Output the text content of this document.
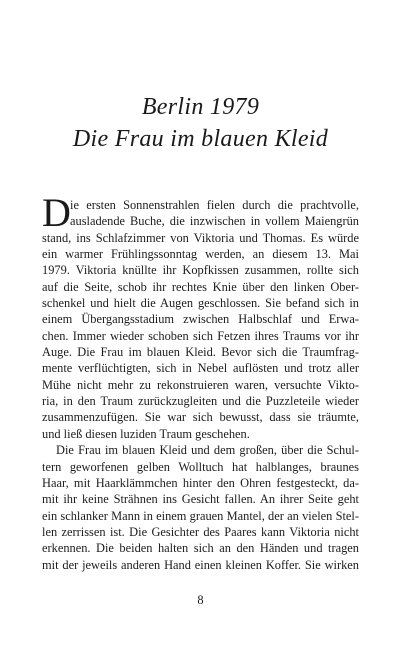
Berlin 1979
Die Frau im blauen Kleid
D ie ersten Sonnenstrahlen fielen durch die prachtvolle,
ausladende Buche, die inzwischen in vollem Maiengrün
stand, ins Schlafzimmer von Viktoria und Thomas. Es würde
ein warmer Frühlingssonntag werden, an diesem 13. Mai
1979. Viktoria knüllte ihr Kopfkissen zusammen, rollte sich
auf die Seite, schob ihr rechtes Knie über den linken Ober-
schenkel und hielt die Augen geschlossen. Sie befand sich in
einem Übergangsstadium zwischen Halbschlaf und Erwa-
chen. Immer wieder schoben sich Fetzen ihres Traums vor ihr
Auge. Die Frau im blauen Kleid. Bevor sich die Traumfrag-
mente verflüchtigten, sich in Nebel auflösten und trotz aller
Mühe nicht mehr zu rekonstruieren waren, versuchte Vikto-
ria, in den Traum zurückzugleiten und die Puzzleteile wieder
zusammenzufügen. Sie war sich bewusst, dass sie träumte,
und ließ diesen luziden Traum geschehen.
Die Frau im blauen Kleid und dem großen, über die Schul-
tern geworfenen gelben Wolltuch hat halblanges, braunes
Haar, mit Haarklämmchen hinter den Ohren festgesteckt, da-
mit ihr keine Strähnen ins Gesicht fallen. An ihrer Seite geht
ein schlanker Mann in einem grauen Mantel, der an vielen Stel-
len zerrissen ist. Die Gesichter des Paares kann Viktoria nicht
erkennen. Die beiden halten sich an den Händen und tragen
mit der jeweils anderen Hand einen kleinen Koffer. Sie wirken
8
